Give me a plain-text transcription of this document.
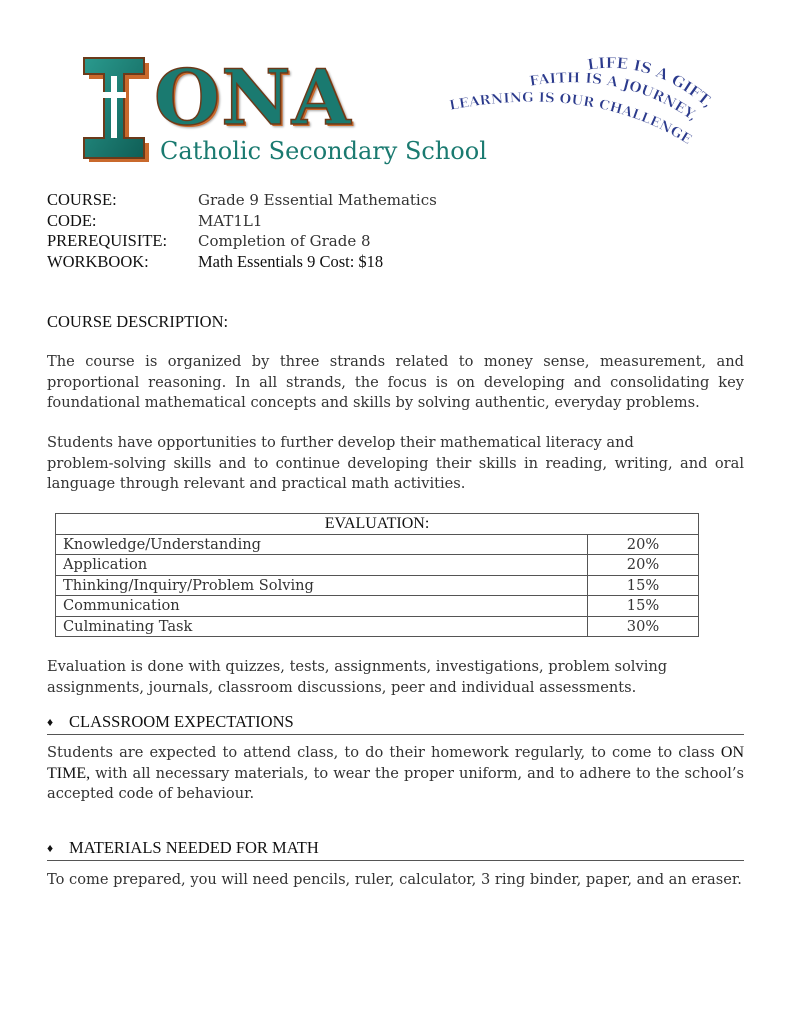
ONA
Catholic Secondary School
LIFE IS A GIFT,
FAITH IS A JOURNEY,
LEARNING IS OUR CHALLENGE
COURSE:	Grade 9 Essential Mathematics
CODE:	MAT1L1
PREREQUISITE: Completion of Grade 8
WORKBOOK:	Math Essentials 9 Cost: $18
COURSE DESCRIPTION:

The course is organized by three strands related to money sense, measurement, and proportional reasoning. In all strands, the focus is on developing and consolidating key foundational mathematical concepts and skills by solving authentic, everyday problems.

Students have opportunities to further develop their mathematical literacy and

problem-solving skills and to continue developing their skills in reading, writing, and oral language through relevant and practical math activities.

EVALUATION:	
Knowledge/Understanding	20%
Application	20%
Thinking/Inquiry/Problem Solving	15%
Communication	15%
Culminating Task	30%

Evaluation is done with quizzes, tests, assignments, investigations, problem solving assignments, journals, classroom discussions, peer and individual assessments.

♦ CLASSROOM EXPECTATIONS

Students are expected to attend class, to do their homework regularly, to come to class ON TIME, with all necessary materials, to wear the proper uniform, and to adhere to the school’s accepted code of behaviour.

♦ MATERIALS NEEDED FOR MATH

To come prepared, you will need pencils, ruler, calculator, 3 ring binder, paper, and an eraser.
